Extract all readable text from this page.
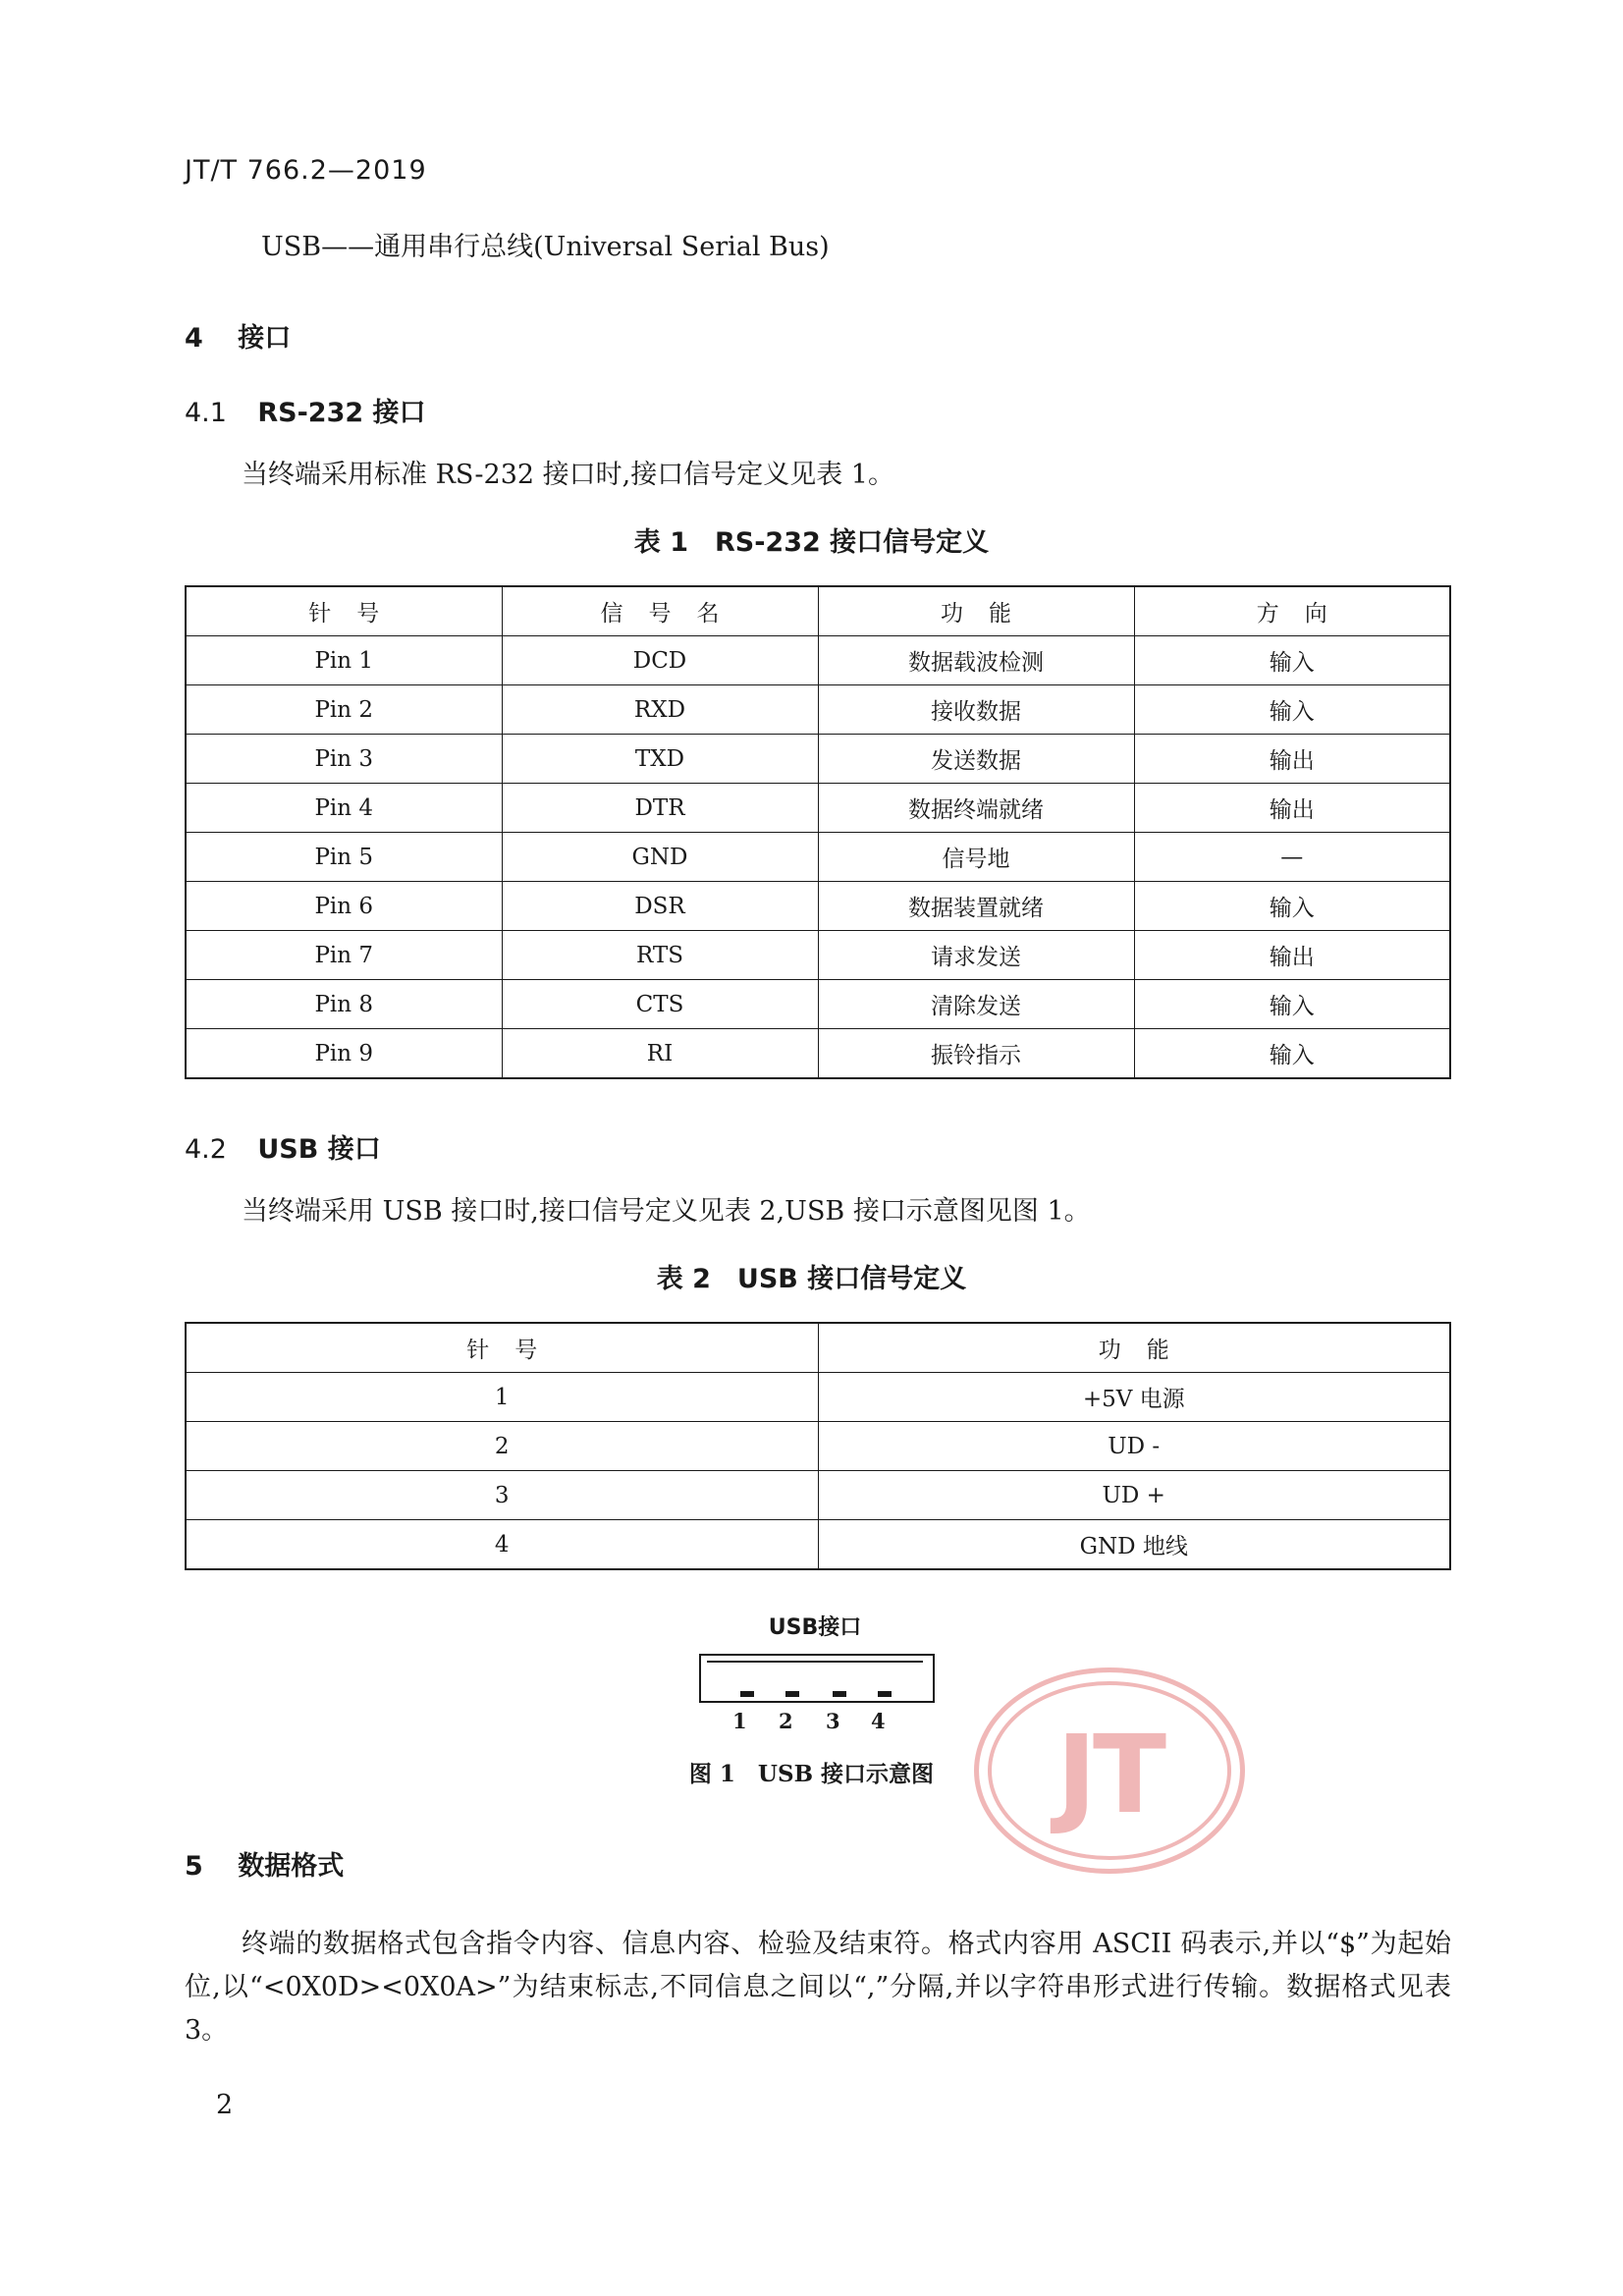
JT/T 766.2—2019
USB——通用串行总线(Universal Serial Bus)
4 接口
4.1 RS-232 接口
当终端采用标准 RS-232 接口时,接口信号定义见表 1。
表 1　RS-232 接口信号定义
针号	信号名	功能	方向
Pin 1	DCD	数据载波检测	输入
Pin 2	RXD	接收数据	输入
Pin 3	TXD	发送数据	输出
Pin 4	DTR	数据终端就绪	输出
Pin 5	GND	信号地	—
Pin 6	DSR	数据装置就绪	输入
Pin 7	RTS	请求发送	输出
Pin 8	CTS	清除发送	输入
Pin 9	RI	振铃指示	输入
4.2 USB 接口
当终端采用 USB 接口时,接口信号定义见表 2,USB 接口示意图见图 1。
表 2　USB 接口信号定义
针号	功能
1	+5V 电源
2	UD -
3	UD +
4	GND 地线
USB接口
1 2 3 4
图 1　USB 接口示意图	JT
5 数据格式
终端的数据格式包含指令内容、信息内容、检验及结束符。格式内容用 ASCII 码表示,并以“$”为起始位,以“<0X0D><0X0A>”为结束标志,不同信息之间以“,”分隔,并以字符串形式进行传输。数据格式见表 3。
2
